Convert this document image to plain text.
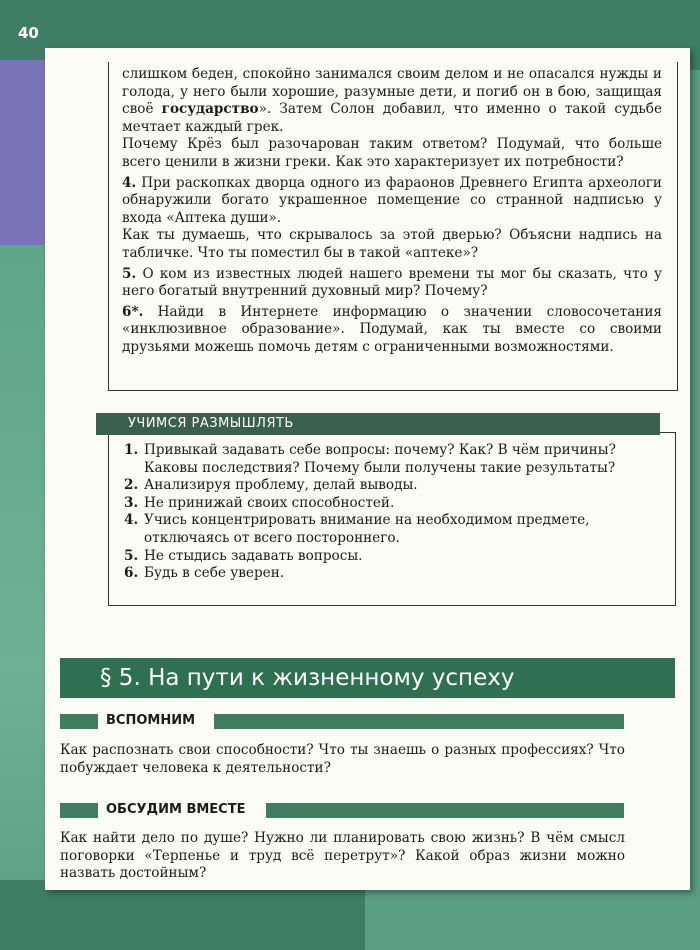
40

слишком беден, спокойно занимался своим делом и не опасался нужды и голода, у него были хорошие, разумные дети, и погиб он в бою, защищая своё государство». Затем Солон добавил, что именно о такой судьбе мечтает каждый грек.

Почему Крёз был разочарован таким ответом? Подумай, что больше всего ценили в жизни греки. Как это характеризует их потребности?

4. При раскопках дворца одного из фараонов Древнего Египта археологи обнаружили богато украшенное помещение со странной надписью у входа «Аптека души».

Как ты думаешь, что скрывалось за этой дверью? Объясни надпись на табличке. Что ты поместил бы в такой «аптеке»?

5. О ком из известных людей нашего времени ты мог бы сказать, что у него богатый внутренний духовный мир? Почему?

6*. Найди в Интернете информацию о значении словосочетания «инклюзивное образование». Подумай, как ты вместе со своими друзьями можешь помочь детям с ограниченными возможностями.

УЧИМСЯ РАЗМЫШЛЯТЬ
1. Привыкай задавать себе вопросы: почему? Как? В чём причины? Каковы последствия? Почему были получены такие результаты?
2. Анализируя проблему, делай выводы.
3. Не принижай своих способностей.
4. Учись концентрировать внимание на необходимом предмете, отключаясь от всего постороннего.
5. Не стыдись задавать вопросы.
6. Будь в себе уверен.
§ 5. На пути к жизненному успеху
ВСПОМНИМ
Как распознать свои способности? Что ты знаешь о разных профессиях? Что побуждает человека к деятельности?
ОБСУДИМ ВМЕСТЕ
Как найти дело по душе? Нужно ли планировать свою жизнь? В чём смысл поговорки «Терпенье и труд всё перетрут»? Какой образ жизни можно назвать достойным?
